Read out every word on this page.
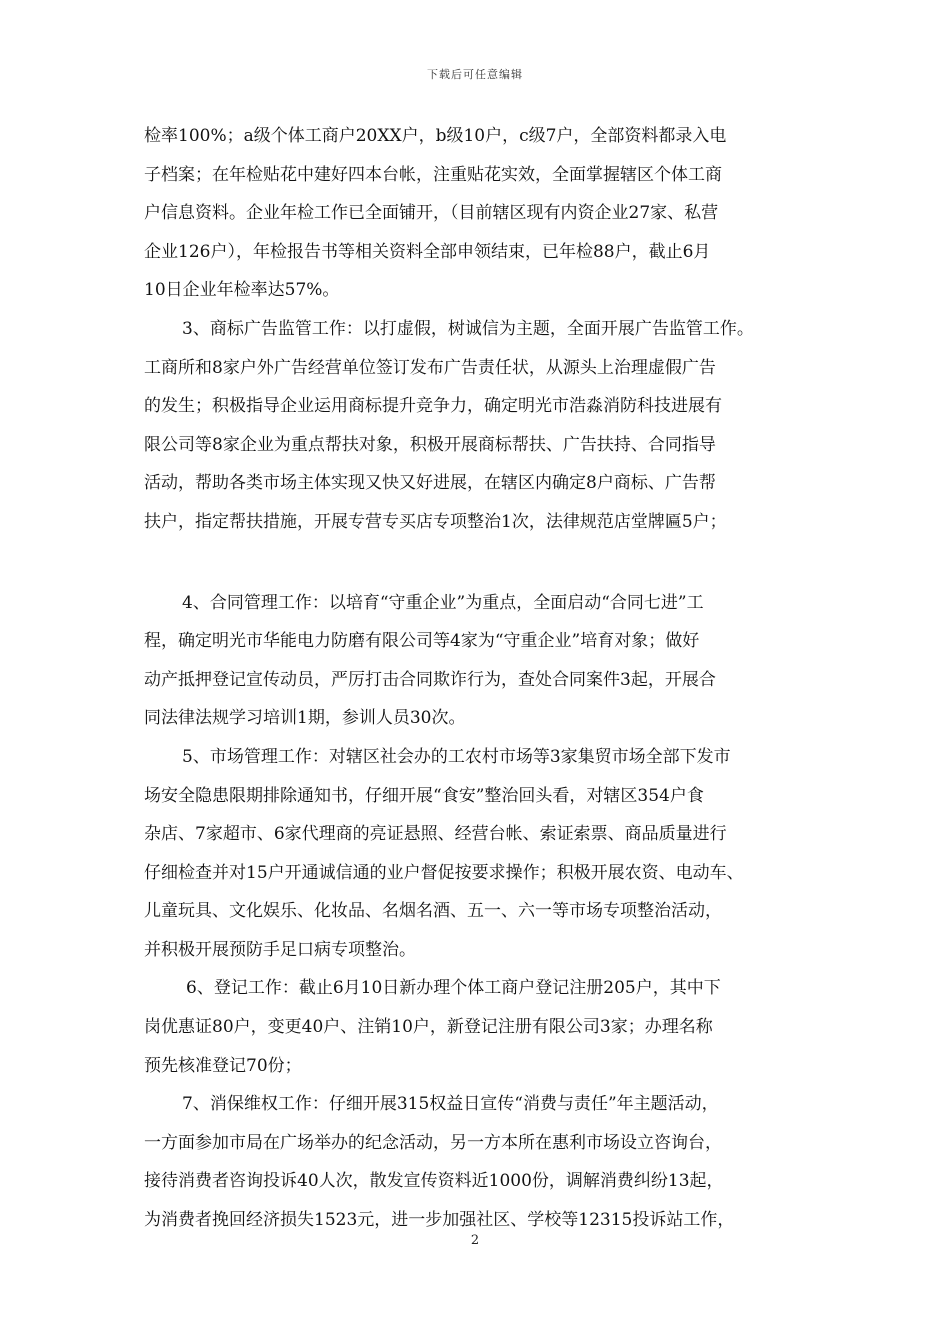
下载后可任意编辑
检率100%；a级个体工商户20XX户，b级10户，c级7户，全部资料都录入电
子档案；在年检贴花中建好四本台帐，注重贴花实效，全面掌握辖区个体工商
户信息资料。企业年检工作已全面铺开，（目前辖区现有内资企业27家、私营
企业126户），年检报告书等相关资料全部申领结束，已年检88户，截止6月
10日企业年检率达57%。
3、商标广告监管工作：以打虚假，树诚信为主题，全面开展广告监管工作。
工商所和8家户外广告经营单位签订发布广告责任状，从源头上治理虚假广告
的发生；积极指导企业运用商标提升竞争力，确定明光市浩淼消防科技进展有
限公司等8家企业为重点帮扶对象，积极开展商标帮扶、广告扶持、合同指导
活动，帮助各类市场主体实现又快又好进展，在辖区内确定8户商标、广告帮
扶户，指定帮扶措施，开展专营专买店专项整治1次，法律规范店堂牌匾5户；
4、合同管理工作：以培育“守重企业”为重点，全面启动“合同七进”工
程，确定明光市华能电力防磨有限公司等4家为“守重企业”培育对象；做好
动产抵押登记宣传动员，严厉打击合同欺诈行为，查处合同案件3起，开展合
同法律法规学习培训1期，参训人员30次。
5、市场管理工作：对辖区社会办的工农村市场等3家集贸市场全部下发市
场安全隐患限期排除通知书，仔细开展“食安”整治回头看，对辖区354户食
杂店、7家超市、6家代理商的亮证悬照、经营台帐、索证索票、商品质量进行
仔细检查并对15户开通诚信通的业户督促按要求操作；积极开展农资、电动车、
儿童玩具、文化娱乐、化妆品、名烟名酒、五一、六一等市场专项整治活动，
并积极开展预防手足口病专项整治。
6、登记工作：截止6月10日新办理个体工商户登记注册205户，其中下
岗优惠证80户，变更40户、注销10户，新登记注册有限公司3家；办理名称
预先核准登记70份；
7、消保维权工作：仔细开展315权益日宣传“消费与责任”年主题活动，
一方面参加市局在广场举办的纪念活动，另一方本所在惠利市场设立咨询台，
接待消费者咨询投诉40人次，散发宣传资料近1000份，调解消费纠纷13起，
为消费者挽回经济损失1523元，进一步加强社区、学校等12315投诉站工作，
2
